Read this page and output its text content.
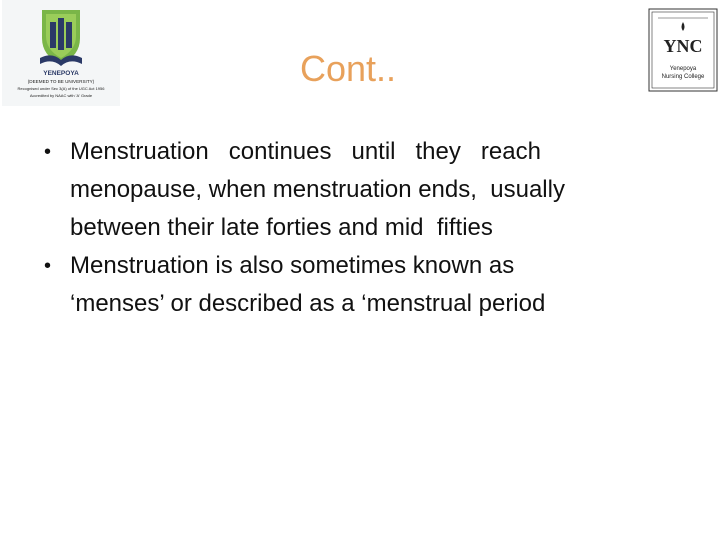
YENEPOYA
(DEEMED TO BE UNIVERSITY)
Recognised under Sec 3(A) of the UGC Act 1956
Accredited by NAAC with 'A' Grade
YNC
Yenepoya
Nursing College
Cont..
• Menstruation   continues   until   they   reach
menopause, when menstruation ends,  usually
between their late forties and mid  fifties
• Menstruation is also sometimes known as
‘menses’ or described as a ‘menstrual period
